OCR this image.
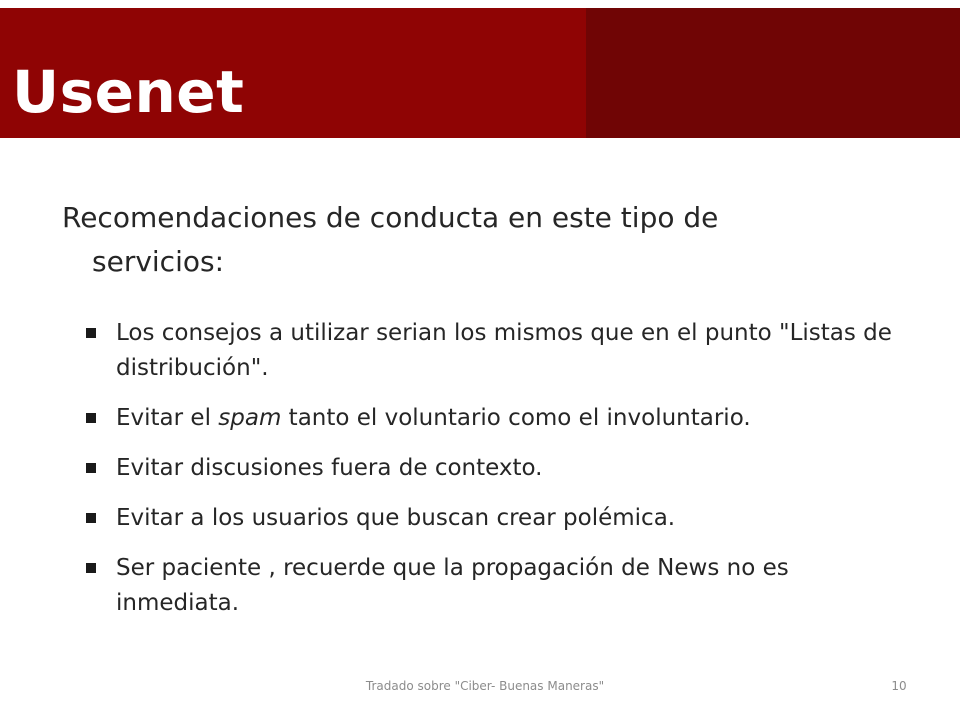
Usenet

Recomendaciones de conducta en este tipo de
servicios:

Los consejos a utilizar serian los mismos que en el punto "Listas de distribución".
Evitar el spam tanto el voluntario como el involuntario.
Evitar discusiones fuera de contexto.
Evitar a los usuarios que buscan crear polémica.
Ser paciente , recuerde que la propagación de News no es inmediata.
Tradado sobre "Ciber- Buenas Maneras"	10
